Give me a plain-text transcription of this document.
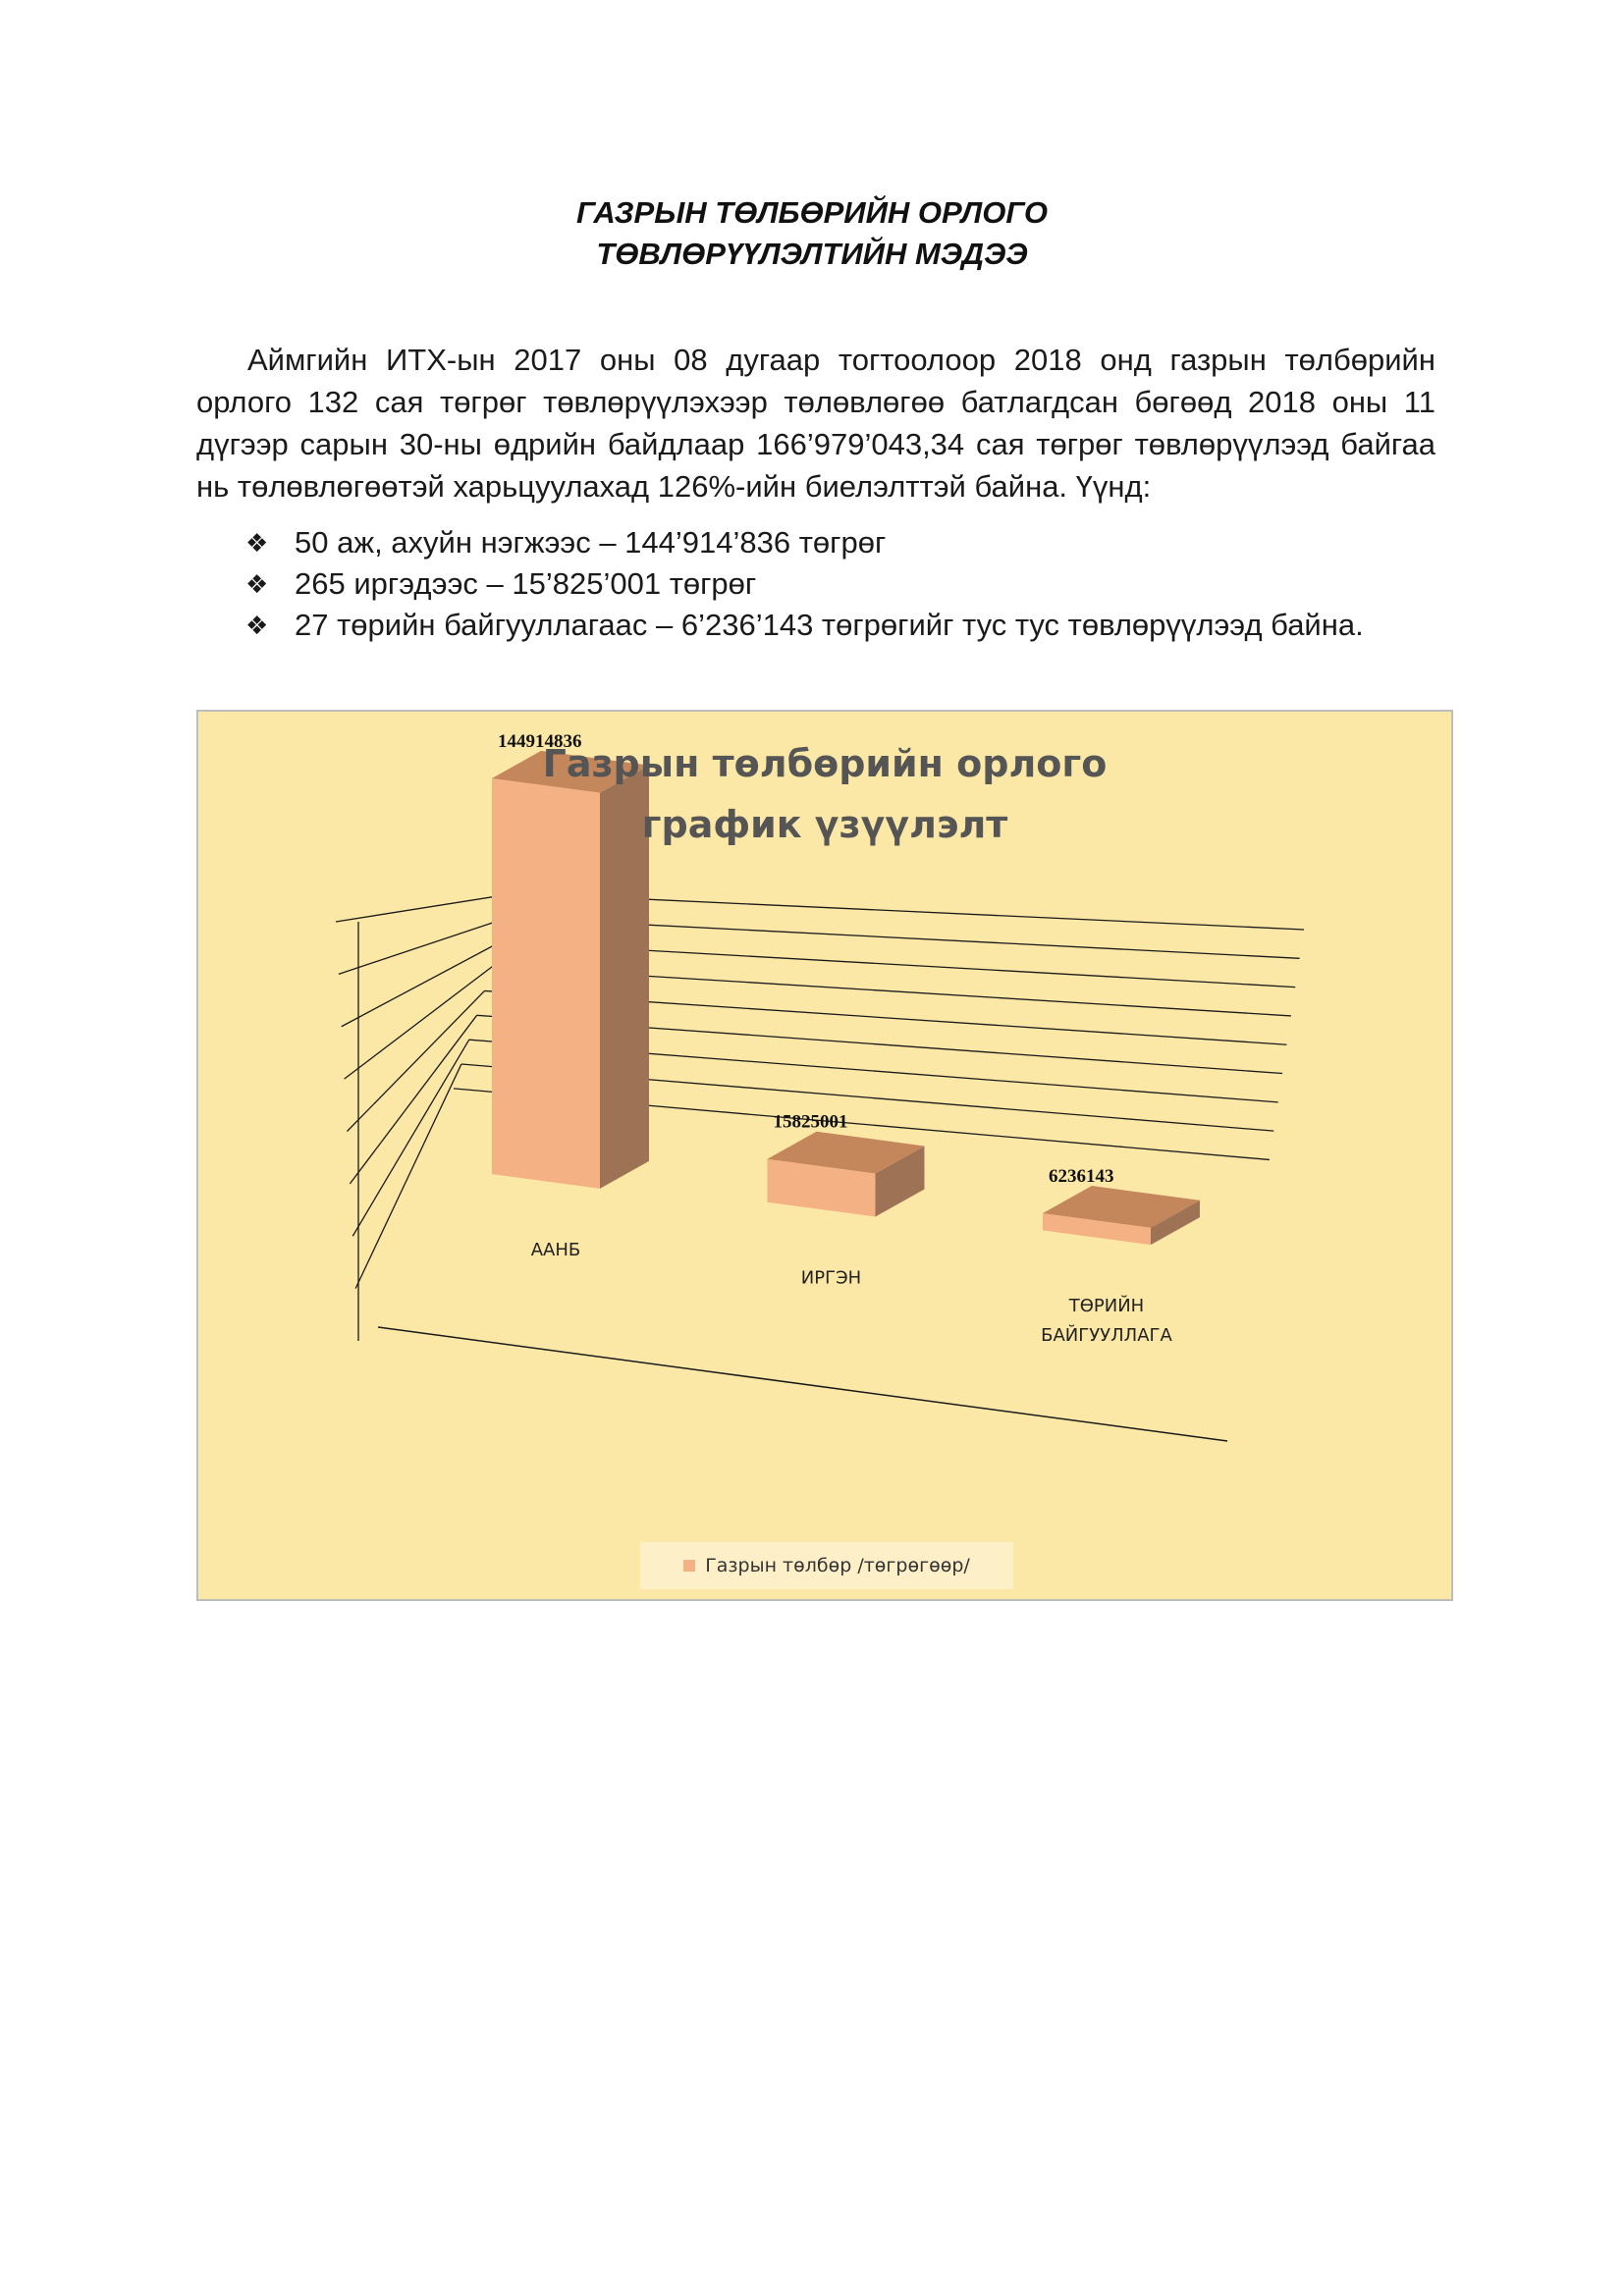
ГАЗРЫН ТӨЛБӨРИЙН ОРЛОГО
ТӨВЛӨРҮҮЛЭЛТИЙН МЭДЭЭ
Аймгийн ИТХ-ын 2017 оны 08 дугаар тогтоолоор 2018 онд газрын төлбөрийн орлого 132 сая төгрөг төвлөрүүлэхээр төлөвлөгөө батлагдсан бөгөөд 2018 оны 11 дүгээр сарын 30-ны өдрийн байдлаар 166’979’043,34 сая төгрөг төвлөрүүлээд байгаа нь төлөвлөгөөтэй харьцуулахад 126%-ийн биелэлттэй байна. Үүнд:
❖ 50 аж, ахуйн нэгжээс – 144’914’836 төгрөг
❖ 265 иргэдээс – 15’825’001 төгрөг
❖ 27 төрийн байгууллагаас – 6’236’143 төгрөгийг тус тус төвлөрүүлээд байна.
144914836
ААНБ
15825001
ИРГЭН
6236143
ТӨРИЙН
БАЙГУУЛЛАГА
Газрын төлбөрийн орлого
график үзүүлэлт
Газрын төлбөр /төгрөгөөр/
